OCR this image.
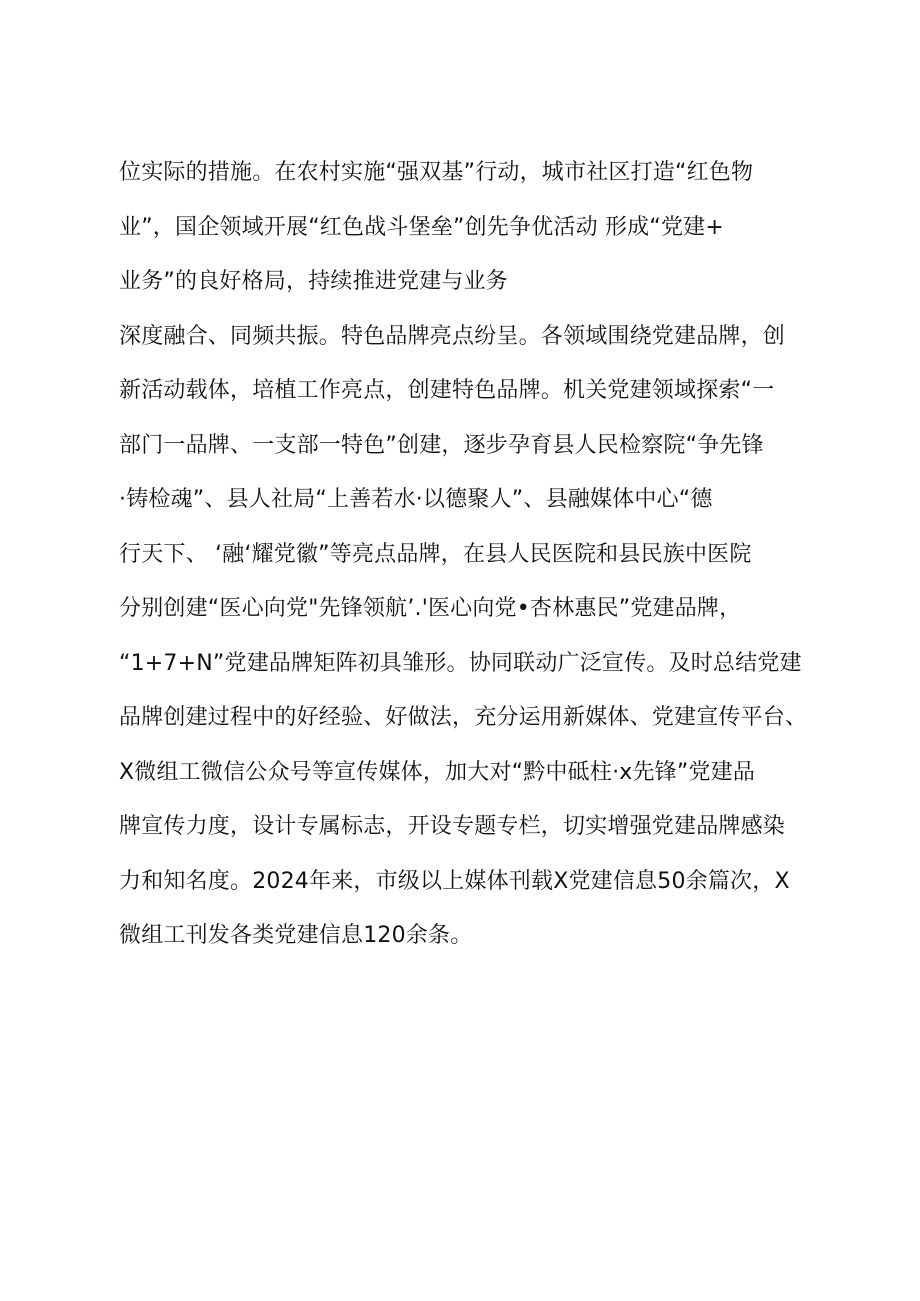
位实际的措施。在农村实施“强双基”行动，城市社区打造“红色物
业”，国企领域开展“红色战斗堡垒”创先争优活动 形成“党建+
业务”的良好格局，持续推进党建与业务
深度融合、同频共振。特色品牌亮点纷呈。各领域围绕党建品牌，创
新活动载体，培植工作亮点，创建特色品牌。机关党建领域探索“一
部门一品牌、一支部一特色”创建，逐步孕育县人民检察院“争先锋
·铸检魂”、县人社局“上善若水·以德聚人”、县融媒体中心“德
行天下、 ‘融‘耀党徽”等亮点品牌，在县人民医院和县民族中医院
分别创建“医心向党"先锋领航’.'医心向党•杏林惠民”党建品牌，
“1+7+N”党建品牌矩阵初具雏形。协同联动广泛宣传。及时总结党建
品牌创建过程中的好经验、好做法，充分运用新媒体、党建宣传平台、
X微组工微信公众号等宣传媒体，加大对“黔中砥柱·x先锋”党建品
牌宣传力度，设计专属标志，开设专题专栏，切实增强党建品牌感染
力和知名度。2024年来，市级以上媒体刊载X党建信息50余篇次，X
微组工刊发各类党建信息120余条。
